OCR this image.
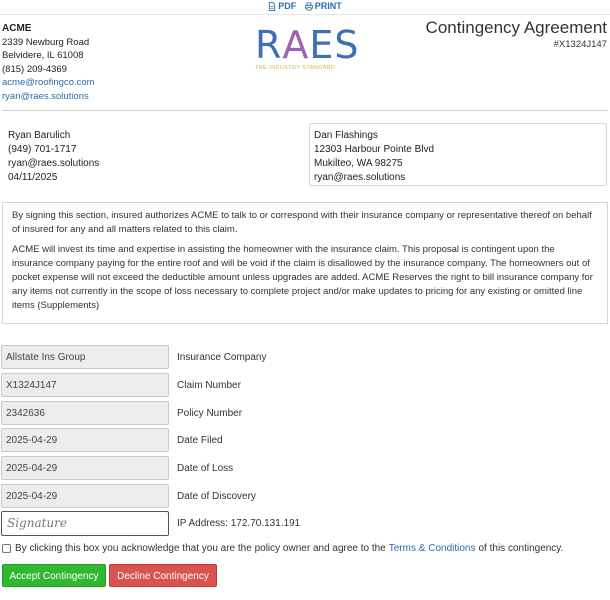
PDF
PRINT
ACME
2339 Newburg Road
Belvidere, IL 61008
(815) 209-4369
acme@roofingco.com
ryan@raes.solutions
R A E S
THE INDUSTRY STANDARD
Contingency Agreement
#X1324J147
Ryan Barulich
(949) 701-1717
ryan@raes.solutions
04/11/2025
Dan Flashings
12303 Harbour Pointe Blvd
Mukilteo, WA 98275
ryan@raes.solutions

By signing this section, insured authorizes ACME to talk to or correspond with their insurance company or representative thereof on behalf of insured for any and all matters related to this claim.

ACME will invest its time and expertise in assisting the homeowner with the insurance claim. This proposal is contingent upon the insurance company paying for the entire roof and will be void if the claim is disallowed by the insurance company. The homeowners out of pocket expense will not exceed the deductible amount unless upgrades are added. ACME Reserves the right to bill insurance company for any items not currently in the scope of loss necessary to complete project and/or make updates to pricing for any existing or omitted line items (Supplements)

Allstate Ins Group
Insurance Company
X1324J147
Claim Number
2342636
Policy Number
2025-04-29
Date Filed
2025-04-29
Date of Loss
2025-04-29
Date of Discovery
Signature	IP Address: 172.70.131.191
By clicking this box you acknowledge that you are the policy owner and agree to the Terms & Conditions of this contingency.
Accept Contingency	Decline Contingency
